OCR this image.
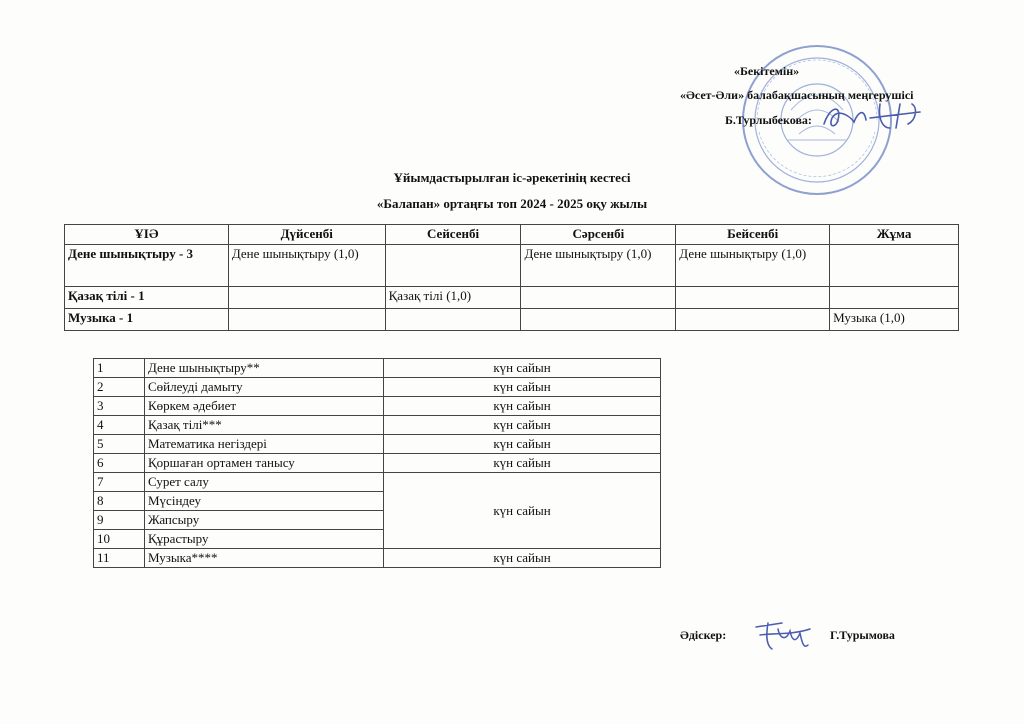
«Бекітемін»
«Әсет-Әли» балабақшасының меңгерушісі
Б.Турлыбекова:
Ұйымдастырылған іс-әрекетінің кестесі
«Балапан» ортаңғы топ 2024 - 2025 оқу жылы
ҰІӘ	Дүйсенбі	Сейсенбі	Сәрсенбі	Бейсенбі	Жұма
Дене шынықтыру - 3	Дене шынықтыру (1,0)		Дене шынықтыру (1,0)	Дене шынықтыру (1,0)	
Қазақ тілі - 1		Қазақ тілі (1,0)			
Музыка - 1					Музыка (1,0)
1	Дене шынықтыру**	күн сайын
2	Сөйлеуді дамыту	күн сайын
3	Көркем әдебиет	күн сайын
4	Қазақ тілі***	күн сайын
5	Математика негіздері	күн сайын
6	Қоршаған ортамен танысу	күн сайын
7	Сурет салу	күн сайын
8	Мүсіндеу	
9	Жапсыру	
10	Құрастыру	
11	Музыка****	күн сайын
Әдіскер:	Г.Турымова
